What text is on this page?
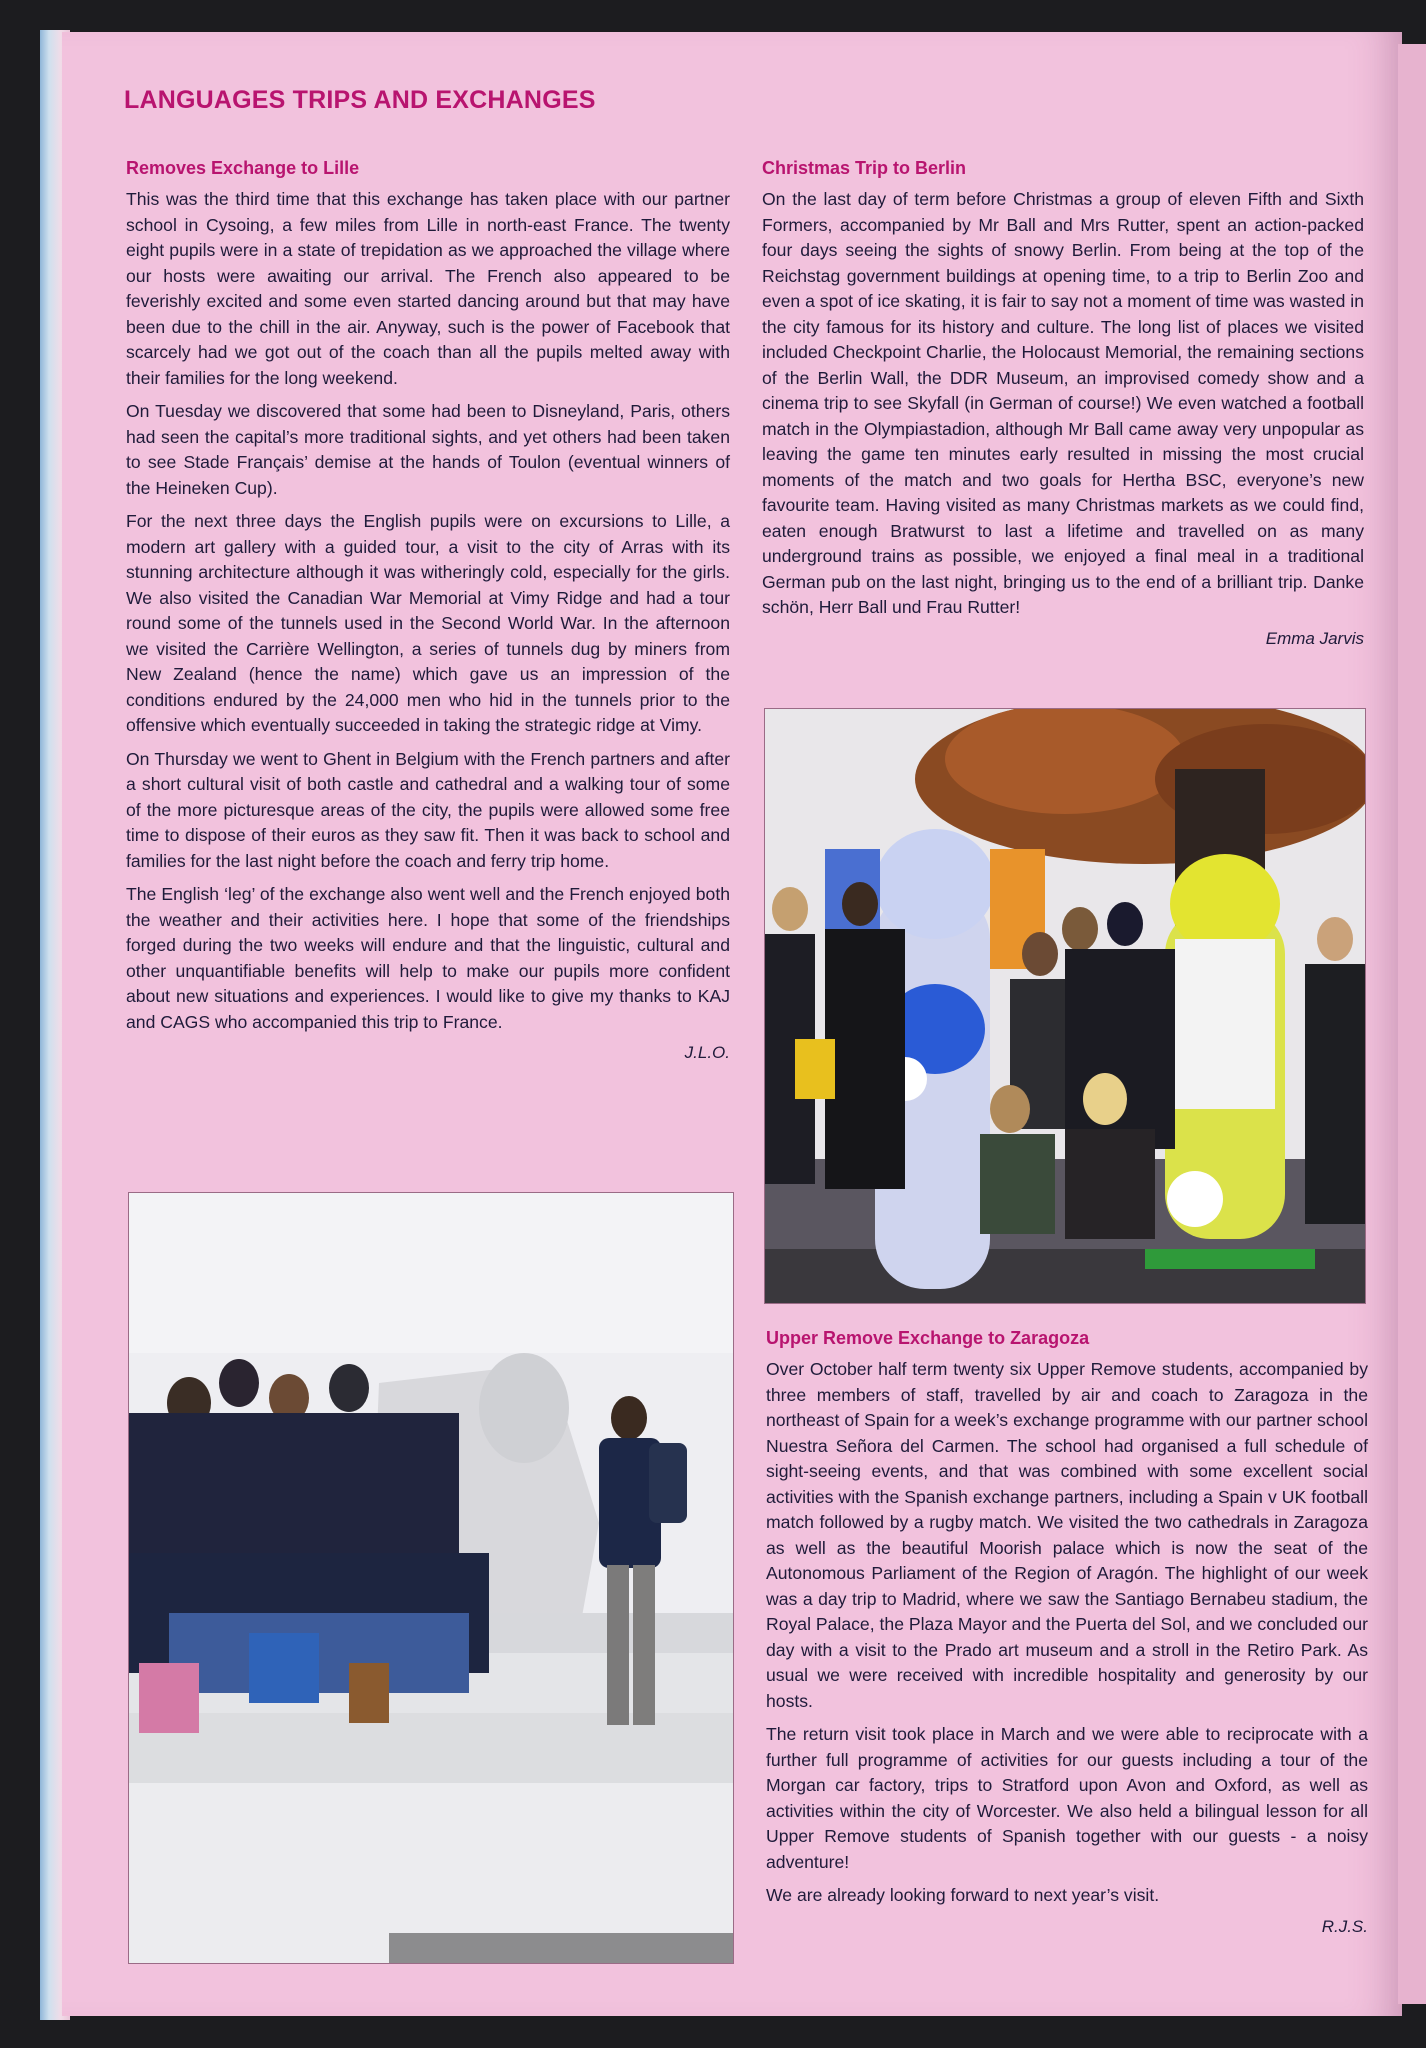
LANGUAGES TRIPS AND EXCHANGES
Removes Exchange to Lille

This was the third time that this exchange has taken place with our partner school in Cysoing, a few miles from Lille in north-east France. The twenty eight pupils were in a state of trepidation as we approached the village where our hosts were awaiting our arrival. The French also appeared to be feverishly excited and some even started dancing around but that may have been due to the chill in the air. Anyway, such is the power of Facebook that scarcely had we got out of the coach than all the pupils melted away with their families for the long weekend.

On Tuesday we discovered that some had been to Disneyland, Paris, others had seen the capital’s more traditional sights, and yet others had been taken to see Stade Français’ demise at the hands of Toulon (eventual winners of the Heineken Cup).

For the next three days the English pupils were on excursions to Lille, a modern art gallery with a guided tour, a visit to the city of Arras with its stunning architecture although it was witheringly cold, especially for the girls. We also visited the Canadian War Memorial at Vimy Ridge and had a tour round some of the tunnels used in the Second World War. In the afternoon we visited the Carrière Wellington, a series of tunnels dug by miners from New Zealand (hence the name) which gave us an impression of the conditions endured by the 24,000 men who hid in the tunnels prior to the offensive which eventually succeeded in taking the strategic ridge at Vimy.

On Thursday we went to Ghent in Belgium with the French partners and after a short cultural visit of both castle and cathedral and a walking tour of some of the more picturesque areas of the city, the pupils were allowed some free time to dispose of their euros as they saw fit. Then it was back to school and families for the last night before the coach and ferry trip home.

The English ‘leg’ of the exchange also went well and the French enjoyed both the weather and their activities here. I hope that some of the friendships forged during the two weeks will endure and that the linguistic, cultural and other unquantifiable benefits will help to make our pupils more confident about new situations and experiences. I would like to give my thanks to KAJ and CAGS who accompanied this trip to France.

J.L.O.

Christmas Trip to Berlin

On the last day of term before Christmas a group of eleven Fifth and Sixth Formers, accompanied by Mr Ball and Mrs Rutter, spent an action-packed four days seeing the sights of snowy Berlin. From being at the top of the Reichstag government buildings at opening time, to a trip to Berlin Zoo and even a spot of ice skating, it is fair to say not a moment of time was wasted in the city famous for its history and culture. The long list of places we visited included Checkpoint Charlie, the Holocaust Memorial, the remaining sections of the Berlin Wall, the DDR Museum, an improvised comedy show and a cinema trip to see Skyfall (in German of course!) We even watched a football match in the Olympiastadion, although Mr Ball came away very unpopular as leaving the game ten minutes early resulted in missing the most crucial moments of the match and two goals for Hertha BSC, everyone’s new favourite team. Having visited as many Christmas markets as we could find, eaten enough Bratwurst to last a lifetime and travelled on as many underground trains as possible, we enjoyed a final meal in a traditional German pub on the last night, bringing us to the end of a brilliant trip. Danke schön, Herr Ball und Frau Rutter!

Emma Jarvis

Upper Remove Exchange to Zaragoza

Over October half term twenty six Upper Remove students, accompanied by three members of staff, travelled by air and coach to Zaragoza in the northeast of Spain for a week’s exchange programme with our partner school Nuestra Señora del Carmen. The school had organised a full schedule of sight-seeing events, and that was combined with some excellent social activities with the Spanish exchange partners, including a Spain v UK football match followed by a rugby match. We visited the two cathedrals in Zaragoza as well as the beautiful Moorish palace which is now the seat of the Autonomous Parliament of the Region of Aragón. The highlight of our week was a day trip to Madrid, where we saw the Santiago Bernabeu stadium, the Royal Palace, the Plaza Mayor and the Puerta del Sol, and we concluded our day with a visit to the Prado art museum and a stroll in the Retiro Park. As usual we were received with incredible hospitality and generosity by our hosts.

The return visit took place in March and we were able to reciprocate with a further full programme of activities for our guests including a tour of the Morgan car factory, trips to Stratford upon Avon and Oxford, as well as activities within the city of Worcester. We also held a bilingual lesson for all Upper Remove students of Spanish together with our guests - a noisy adventure!

We are already looking forward to next year’s visit.

R.J.S.
